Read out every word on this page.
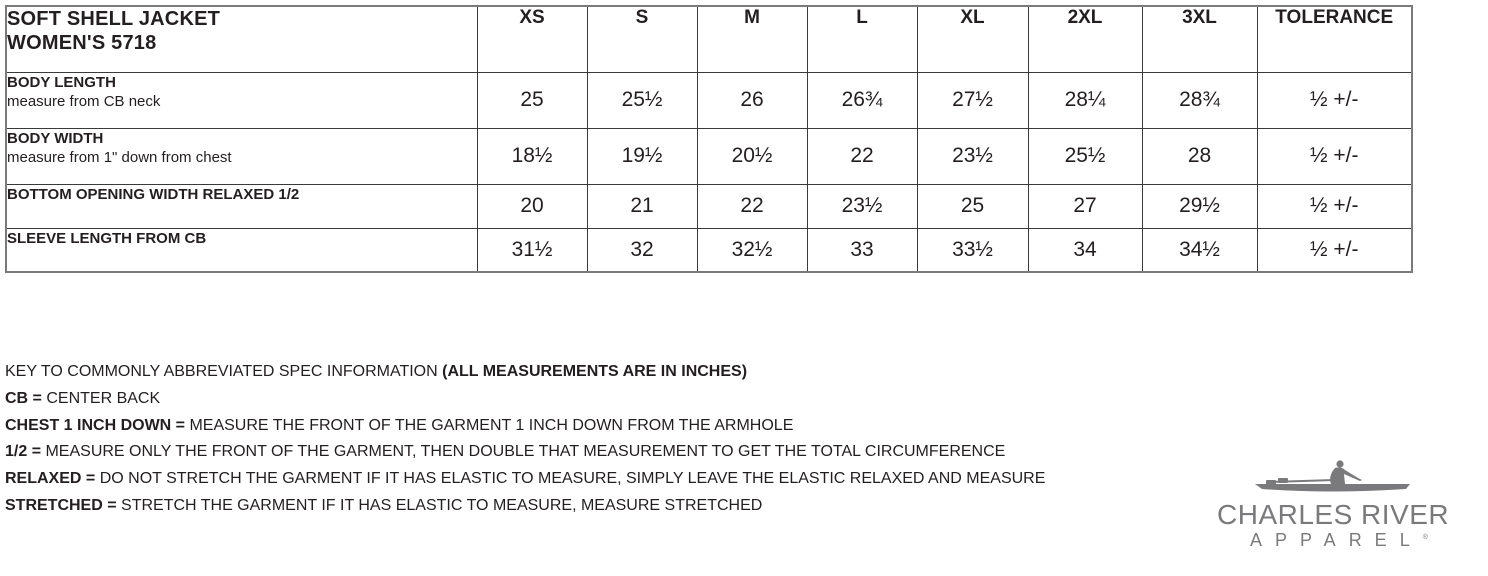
SOFT SHELL JACKET
WOMEN'S 5718	XS	S	M	L	XL	2XL	3XL	TOLERANCE

BODY LENGTH
measure from CB neck	25	25½	26	26¾	27½	28¼	28¾	½ +/-

BODY WIDTH
measure from 1" down from chest	18½	19½	20½	22	23½	25½	28	½ +/-

BOTTOM OPENING WIDTH RELAXED 1/2	20	21	22	23½	25	27	29½	½ +/-

SLEEVE LENGTH FROM CB	31½	32	32½	33	33½	34	34½	½ +/-
KEY TO COMMONLY ABBREVIATED SPEC INFORMATION (ALL MEASUREMENTS ARE IN INCHES)
CB = CENTER BACK
CHEST 1 INCH DOWN = MEASURE THE FRONT OF THE GARMENT 1 INCH DOWN FROM THE ARMHOLE
1/2 = MEASURE ONLY THE FRONT OF THE GARMENT, THEN DOUBLE THAT MEASUREMENT TO GET THE TOTAL CIRCUMFERENCE
RELAXED = DO NOT STRETCH THE GARMENT IF IT HAS ELASTIC TO MEASURE, SIMPLY LEAVE THE ELASTIC RELAXED AND MEASURE
STRETCHED = STRETCH THE GARMENT IF IT HAS ELASTIC TO MEASURE, MEASURE STRETCHED	CHARLES RIVER
APPAREL®
